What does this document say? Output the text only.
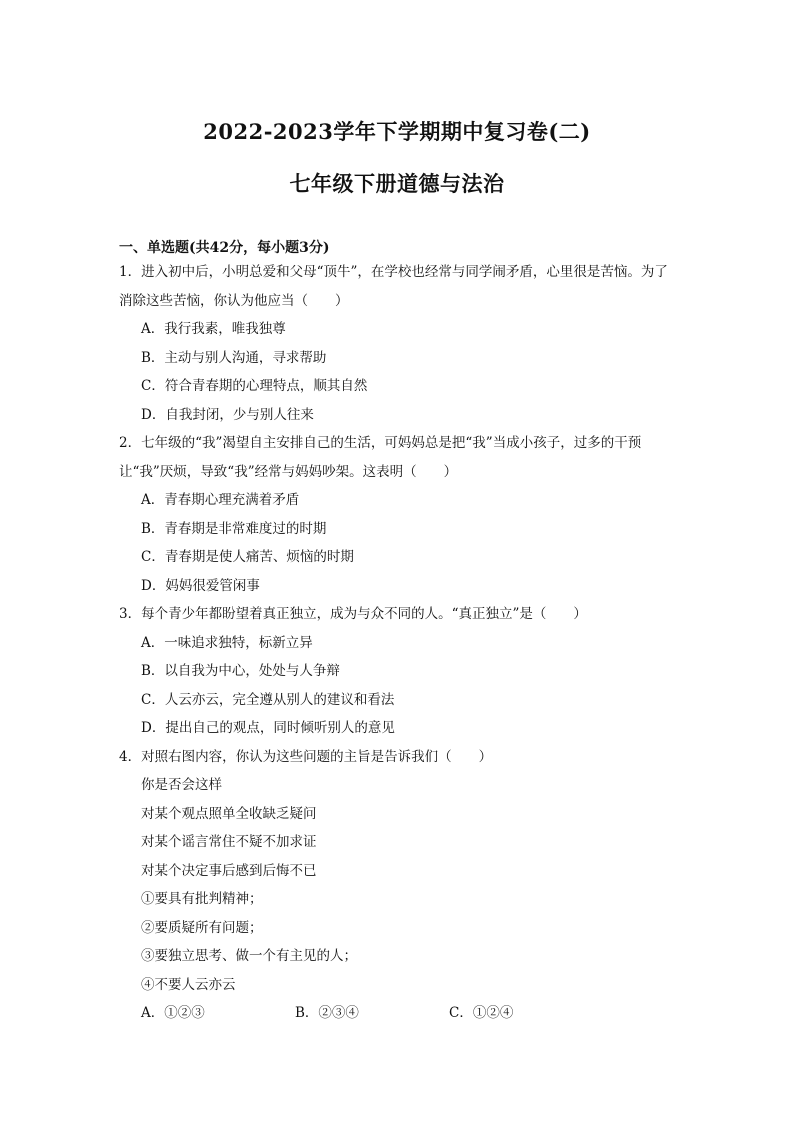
2022-2023学年下学期期中复习卷(二)
七年级下册道德与法治

一、单选题(共42分，每小题3分)

1．进入初中后，小明总爱和父母“顶牛”，在学校也经常与同学闹矛盾，心里很是苦恼。为了消除这些苦恼，你认为他应当（　　）

A．我行我素，唯我独尊

B．主动与别人沟通，寻求帮助

C．符合青春期的心理特点，顺其自然

D．自我封闭，少与别人往来

2．七年级的“我”渴望自主安排自己的生活，可妈妈总是把“我”当成小孩子，过多的干预让“我”厌烦，导致“我”经常与妈妈吵架。这表明（　　）

A．青春期心理充满着矛盾

B．青春期是非常难度过的时期

C．青春期是使人痛苦、烦恼的时期

D．妈妈很爱管闲事

3．每个青少年都盼望着真正独立，成为与众不同的人。“真正独立”是（　　）

A．一味追求独特，标新立异

B．以自我为中心，处处与人争辩

C．人云亦云，完全遵从别人的建议和看法

D．提出自己的观点，同时倾听别人的意见

4．对照右图内容，你认为这些问题的主旨是告诉我们（　　）

你是否会这样

对某个观点照单全收缺乏疑问

对某个谣言常住不疑不加求证

对某个决定事后感到后悔不已

①要具有批判精神；

②要质疑所有问题；

③要独立思考、做一个有主见的人；

④不要人云亦云

A．①②③	B．②③④	C．①②④
